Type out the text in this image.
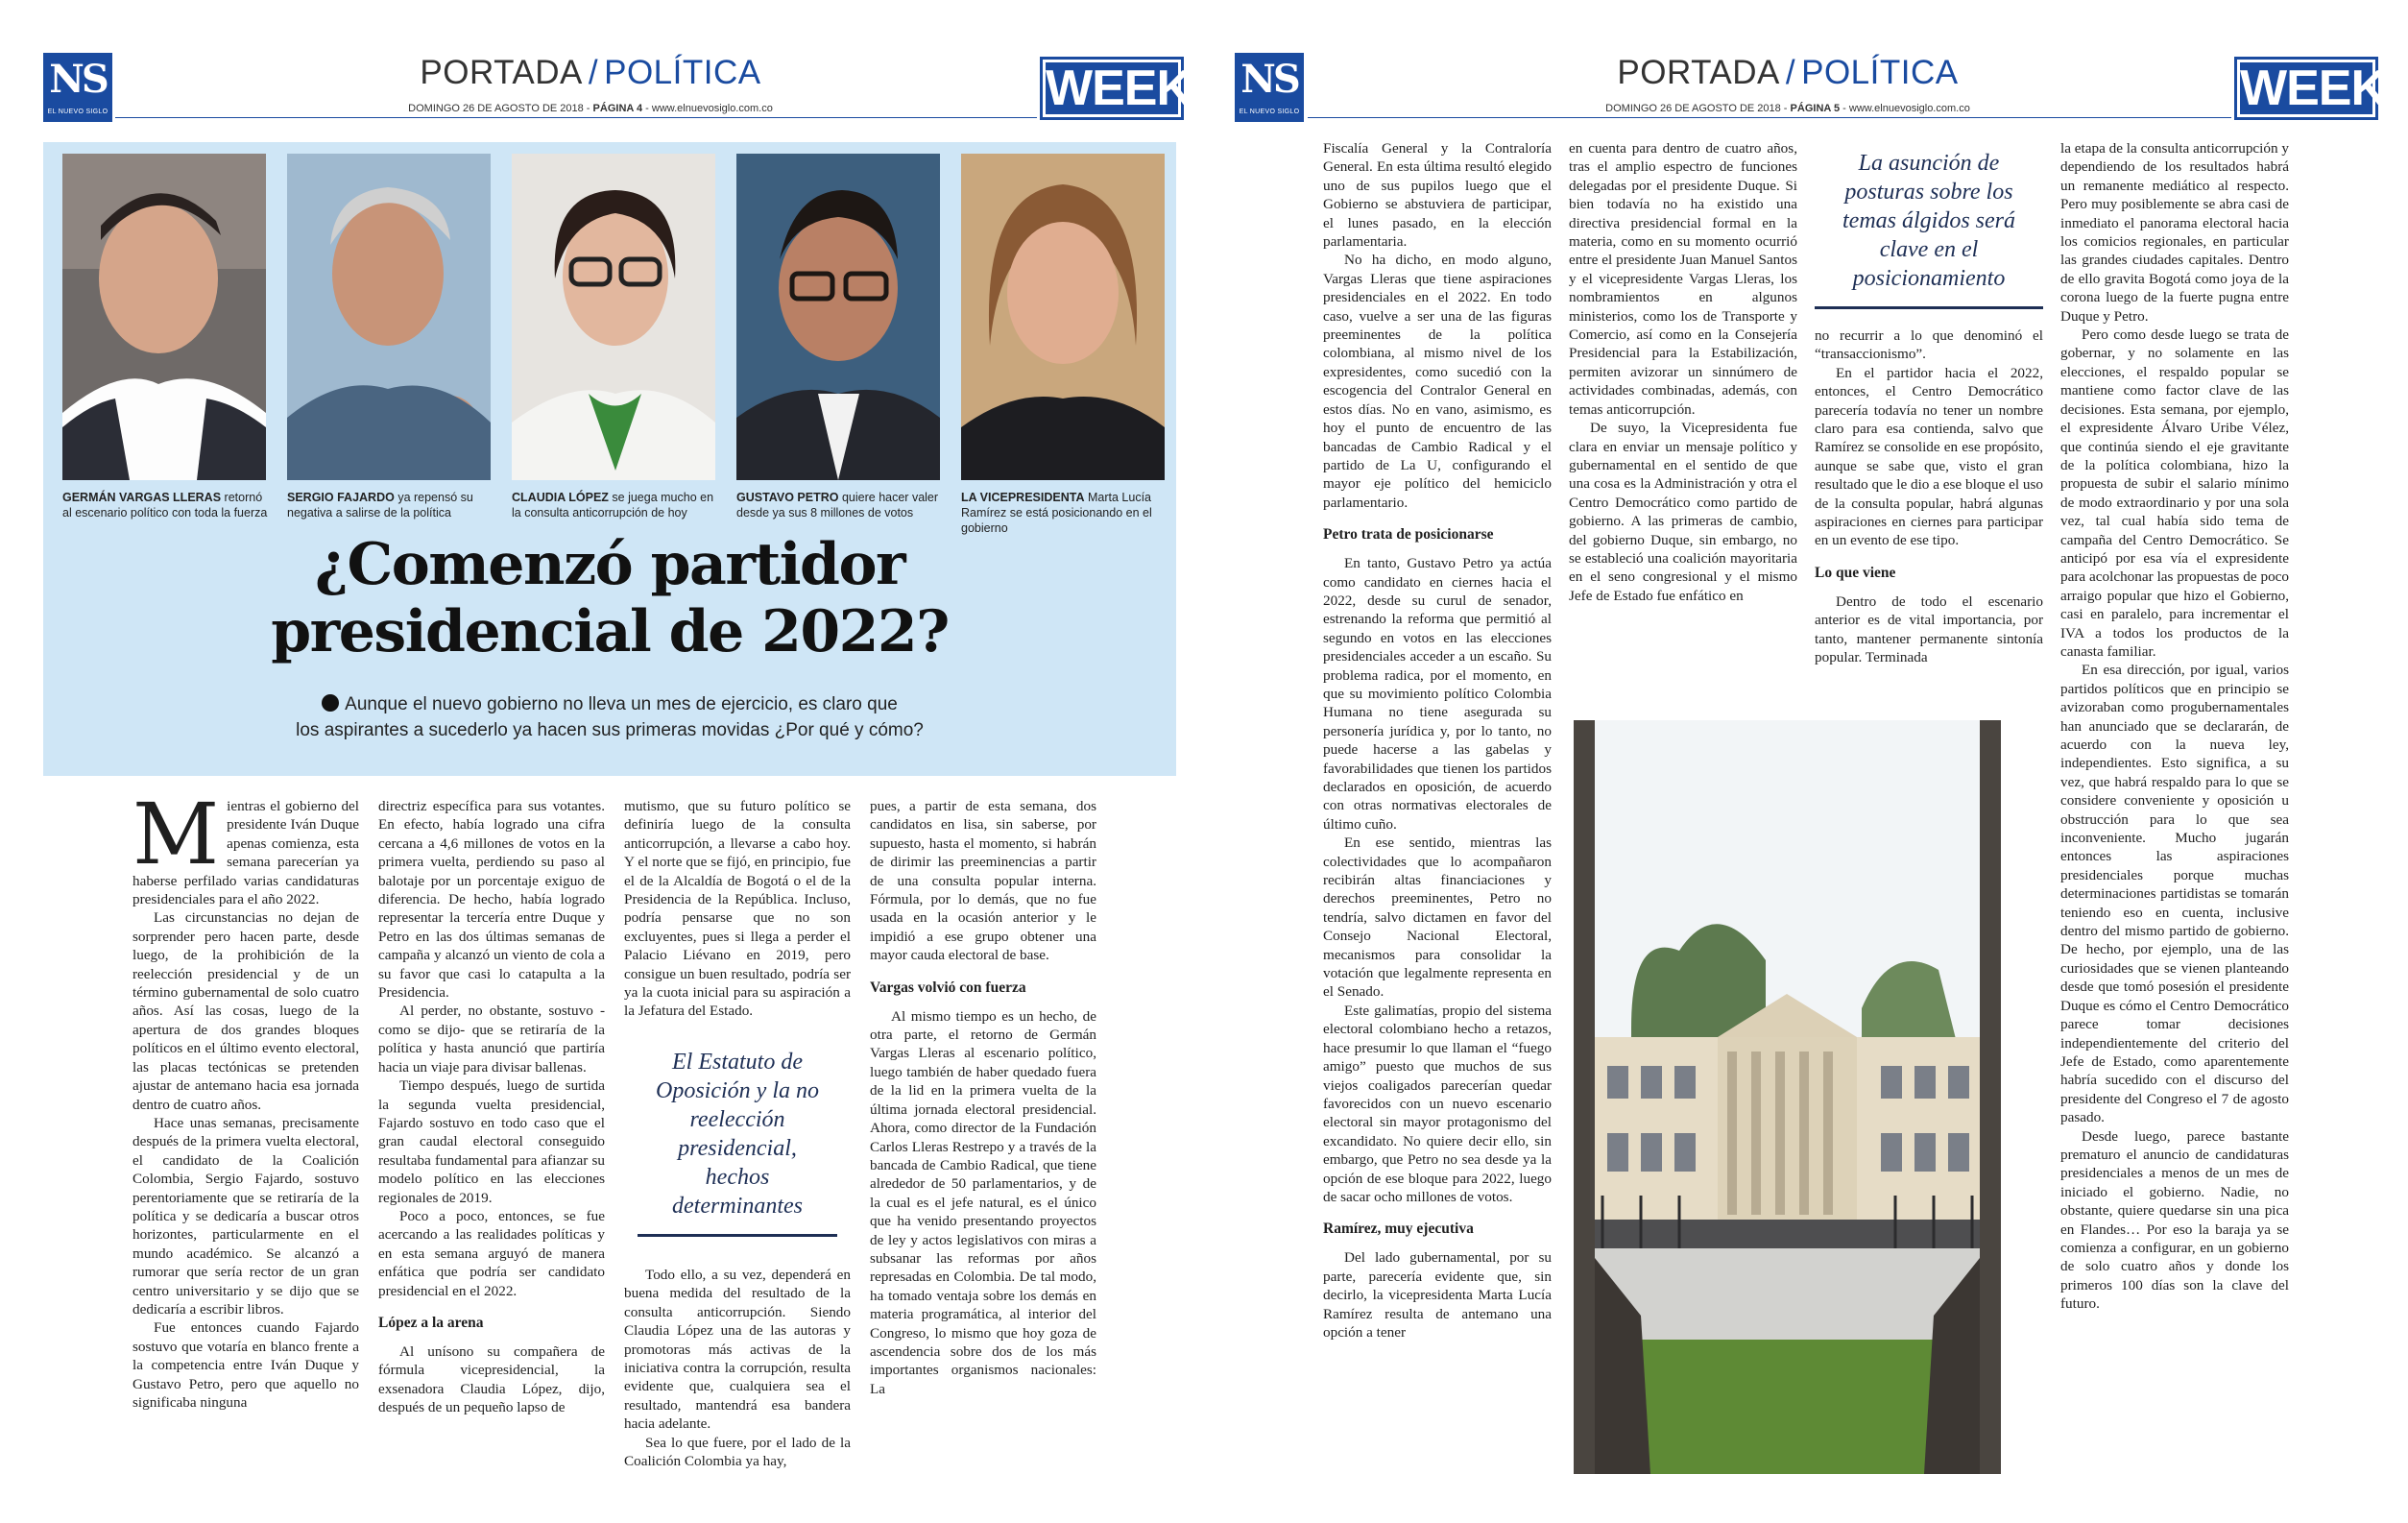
NS
EL NUEVO SIGLO
PORTADA / POLÍTICA
DOMINGO 26 DE AGOSTO DE 2018 - PÁGINA 4 - www.elnuevosiglo.com.co	WEEK
GERMÁN VARGAS LLERAS retornó al escenario político con toda la fuerza
SERGIO FAJARDO ya repensó su negativa a salirse de la política
CLAUDIA LÓPEZ se juega mucho en la consulta anticorrupción de hoy
GUSTAVO PETRO quiere hacer valer desde ya sus 8 millones de votos
LA VICEPRESIDENTA Marta Lucía Ramírez se está posicionando en el gobierno
¿Comenzó partidor
presidencial de 2022?
Aunque el nuevo gobierno no lleva un mes de ejercicio, es claro que
los aspirantes a sucederlo ya hacen sus primeras movidas ¿Por qué y cómo?

Mientras el gobierno del presidente Iván Duque apenas comienza, esta semana parecerían ya haberse perfilado varias candidaturas presidenciales para el año 2022.

Las circunstancias no dejan de sorprender pero hacen parte, desde luego, de la prohibición de la reelección presidencial y de un término gubernamental de solo cuatro años. Así las cosas, luego de la apertura de dos grandes bloques políticos en el último evento electoral, las placas tectónicas se pretenden ajustar de antemano hacia esa jornada dentro de cuatro años.

Hace unas semanas, precisamente después de la primera vuelta electoral, el candidato de la Coalición Colombia, Sergio Fajardo, sostuvo perentoriamente que se retiraría de la política y se dedicaría a buscar otros horizontes, particularmente en el mundo académico. Se alcanzó a rumorar que sería rector de un gran centro universitario y se dijo que se dedicaría a escribir libros.

Fue entonces cuando Fajardo sostuvo que votaría en blanco frente a la competencia entre Iván Duque y Gustavo Petro, pero que aquello no significaba ninguna

directriz específica para sus votantes. En efecto, había logrado una cifra cercana a 4,6 millones de votos en la primera vuelta, perdiendo su paso al balotaje por un porcentaje exiguo de diferencia. De hecho, había logrado representar la tercería entre Duque y Petro en las dos últimas semanas de campaña y alcanzó un viento de cola a su favor que casi lo catapulta a la Presidencia.

Al perder, no obstante, sostuvo -como se dijo- que se retiraría de la política y hasta anunció que partiría hacia un viaje para divisar ballenas.

Tiempo después, luego de surtida la segunda vuelta presidencial, Fajardo sostuvo en todo caso que el gran caudal electoral conseguido resultaba fundamental para afianzar su modelo político en las elecciones regionales de 2019.

Poco a poco, entonces, se fue acercando a las realidades políticas y en esta semana arguyó de manera enfática que podría ser candidato presidencial en el 2022.

López a la arena

Al unísono su compañera de fórmula vicepresidencial, la exsenadora Claudia López, dijo, después de un pequeño lapso de

mutismo, que su futuro político se definiría luego de la consulta anticorrupción, a llevarse a cabo hoy. Y el norte que se fijó, en principio, fue el de la Alcaldía de Bogotá o el de la Presidencia de la República. Incluso, podría pensarse que no son excluyentes, pues si llega a perder el Palacio Liévano en 2019, pero consigue un buen resultado, podría ser ya la cuota inicial para su aspiración a la Jefatura del Estado.

El Estatuto de Oposición y la no reelección presidencial, hechos determinantes

Todo ello, a su vez, dependerá en buena medida del resultado de la consulta anticorrupción. Siendo Claudia López una de las autoras y promotoras más activas de la iniciativa contra la corrupción, resulta evidente que, cualquiera sea el resultado, mantendrá esa bandera hacia adelante.

Sea lo que fuere, por el lado de la Coalición Colombia ya hay,

pues, a partir de esta semana, dos candidatos en lisa, sin saberse, por supuesto, hasta el momento, si habrán de dirimir las preeminencias a partir de una consulta popular interna. Fórmula, por lo demás, que no fue usada en la ocasión anterior y le impidió a ese grupo obtener una mayor cauda electoral de base.

Vargas volvió con fuerza

Al mismo tiempo es un hecho, de otra parte, el retorno de Germán Vargas Lleras al escenario político, luego también de haber quedado fuera de la lid en la primera vuelta de la última jornada electoral presidencial. Ahora, como director de la Fundación Carlos Lleras Restrepo y a través de la bancada de Cambio Radical, que tiene alrededor de 50 parlamentarios, y de la cual es el jefe natural, es el único que ha venido presentando proyectos de ley y actos legislativos con miras a subsanar las reformas por años represadas en Colombia. De tal modo, ha tomado ventaja sobre los demás en materia programática, al interior del Congreso, lo mismo que hoy goza de ascendencia sobre dos de los más importantes organismos nacionales: La

NS
EL NUEVO SIGLO
PORTADA / POLÍTICA
DOMINGO 26 DE AGOSTO DE 2018 - PÁGINA 5 - www.elnuevosiglo.com.co	WEEK

Fiscalía General y la Contraloría General. En esta última resultó elegido uno de sus pupilos luego que el Gobierno se abstuviera de participar, el lunes pasado, en la elección parlamentaria.

No ha dicho, en modo alguno, Vargas Lleras que tiene aspiraciones presidenciales en el 2022. En todo caso, vuelve a ser una de las figuras preeminentes de la política colombiana, al mismo nivel de los expresidentes, como sucedió con la escogencia del Contralor General en estos días. No en vano, asimismo, es hoy el punto de encuentro de las bancadas de Cambio Radical y el partido de La U, configurando el mayor eje político del hemiciclo parlamentario.

Petro trata de posicionarse

En tanto, Gustavo Petro ya actúa como candidato en ciernes hacia el 2022, desde su curul de senador, estrenando la reforma que permitió al segundo en votos en las elecciones presidenciales acceder a un escaño. Su problema radica, por el momento, en que su movimiento político Colombia Humana no tiene asegurada su personería jurídica y, por lo tanto, no puede hacerse a las gabelas y favorabilidades que tienen los partidos declarados en oposición, de acuerdo con otras normativas electorales de último cuño.

En ese sentido, mientras las colectividades que lo acompañaron recibirán altas financiaciones y derechos preeminentes, Petro no tendría, salvo dictamen en favor del Consejo Nacional Electoral, mecanismos para consolidar la votación que legalmente representa en el Senado.

Este galimatías, propio del sistema electoral colombiano hecho a retazos, hace presumir lo que llaman el “fuego amigo” puesto que muchos de sus viejos coaligados parecerían quedar favorecidos con un nuevo escenario electoral sin mayor protagonismo del excandidato. No quiere decir ello, sin embargo, que Petro no sea desde ya la opción de ese bloque para 2022, luego de sacar ocho millones de votos.

Ramírez, muy ejecutiva

Del lado gubernamental, por su parte, parecería evidente que, sin decirlo, la vicepresidenta Marta Lucía Ramírez resulta de antemano una opción a tener

en cuenta para dentro de cuatro años, tras el amplio espectro de funciones delegadas por el presidente Duque. Si bien todavía no ha existido una directiva presidencial formal en la materia, como en su momento ocurrió entre el presidente Juan Manuel Santos y el vicepresidente Vargas Lleras, los nombramientos en algunos ministerios, como los de Transporte y Comercio, así como en la Consejería Presidencial para la Estabilización, permiten avizorar un sinnúmero de actividades combinadas, además, con temas anticorrupción.

De suyo, la Vicepresidenta fue clara en enviar un mensaje político y gubernamental en el sentido de que una cosa es la Administración y otra el Centro Democrático como partido de gobierno. A las primeras de cambio, del gobierno Duque, sin embargo, no se estableció una coalición mayoritaria en el seno congresional y el mismo Jefe de Estado fue enfático en

La asunción de posturas sobre los temas álgidos será clave en el posicionamiento

no recurrir a lo que denominó el “transaccionismo”.

En el partidor hacia el 2022, entonces, el Centro Democrático parecería todavía no tener un nombre claro para esa contienda, salvo que Ramírez se consolide en ese propósito, aunque se sabe que, visto el gran resultado que le dio a ese bloque el uso de la consulta popular, habrá algunas aspiraciones en ciernes para participar en un evento de ese tipo.

Lo que viene

Dentro de todo el escenario anterior es de vital importancia, por tanto, mantener permanente sintonía popular. Terminada

la etapa de la consulta anticorrupción y dependiendo de los resultados habrá un remanente mediático al respecto. Pero muy posiblemente se abra casi de inmediato el panorama electoral hacia los comicios regionales, en particular las grandes ciudades capitales. Dentro de ello gravita Bogotá como joya de la corona luego de la fuerte pugna entre Duque y Petro.

Pero como desde luego se trata de gobernar, y no solamente en las elecciones, el respaldo popular se mantiene como factor clave de las decisiones. Esta semana, por ejemplo, el expresidente Álvaro Uribe Vélez, que continúa siendo el eje gravitante de la política colombiana, hizo la propuesta de subir el salario mínimo de modo extraordinario y por una sola vez, tal cual había sido tema de campaña del Centro Democrático. Se anticipó por esa vía el expresidente para acolchonar las propuestas de poco arraigo popular que hizo el Gobierno, casi en paralelo, para incrementar el IVA a todos los productos de la canasta familiar.

En esa dirección, por igual, varios partidos políticos que en principio se avizoraban como progubernamentales han anunciado que se declararán, de acuerdo con la nueva ley, independientes. Esto significa, a su vez, que habrá respaldo para lo que se considere conveniente y oposición u obstrucción para lo que sea inconveniente. Mucho jugarán entonces las aspiraciones presidenciales porque muchas determinaciones partidistas se tomarán teniendo eso en cuenta, inclusive dentro del mismo partido de gobierno. De hecho, por ejemplo, una de las curiosidades que se vienen planteando desde que tomó posesión el presidente Duque es cómo el Centro Democrático parece tomar decisiones independientemente del criterio del Jefe de Estado, como aparentemente habría sucedido con el discurso del presidente del Congreso el 7 de agosto pasado.

Desde luego, parece bastante prematuro el anuncio de candidaturas presidenciales a menos de un mes de iniciado el gobierno. Nadie, no obstante, quiere quedarse sin una pica en Flandes… Por eso la baraja ya se comienza a configurar, en un gobierno de solo cuatro años y donde los primeros 100 días son la clave del futuro.
